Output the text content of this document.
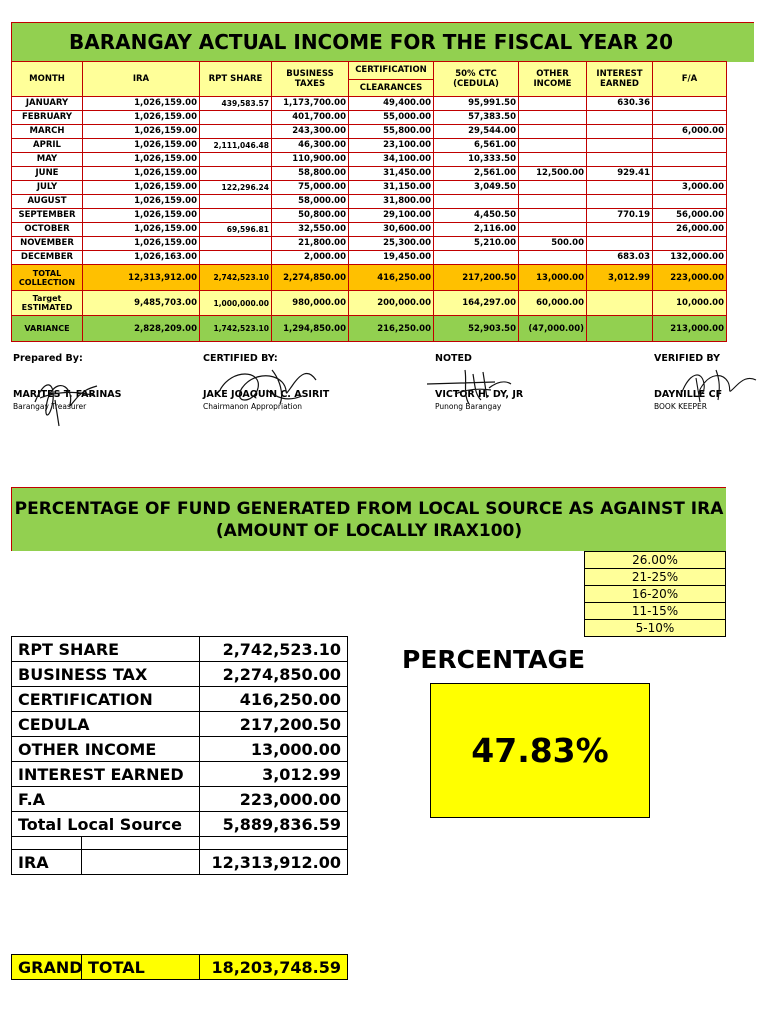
BARANGAY ACTUAL INCOME FOR THE FISCAL YEAR 20
MONTH	IRA	RPT SHARE	BUSINESS TAXES	CERTIFICATION	50% CTC (CEDULA)	OTHER INCOME	INTEREST EARNED	F/A
				CLEARANCES				
JANUARY	1,026,159.00	439,583.57	1,173,700.00	49,400.00	95,991.50		630.36	
FEBRUARY	1,026,159.00		401,700.00	55,000.00	57,383.50			
MARCH	1,026,159.00		243,300.00	55,800.00	29,544.00			6,000.00
APRIL	1,026,159.00	2,111,046.48	46,300.00	23,100.00	6,561.00			
MAY	1,026,159.00		110,900.00	34,100.00	10,333.50			
JUNE	1,026,159.00		58,800.00	31,450.00	2,561.00	12,500.00	929.41	
JULY	1,026,159.00	122,296.24	75,000.00	31,150.00	3,049.50			3,000.00
AUGUST	1,026,159.00		58,000.00	31,800.00				
SEPTEMBER	1,026,159.00		50,800.00	29,100.00	4,450.50		770.19	56,000.00
OCTOBER	1,026,159.00	69,596.81	32,550.00	30,600.00	2,116.00			26,000.00
NOVEMBER	1,026,159.00		21,800.00	25,300.00	5,210.00	500.00		
DECEMBER	1,026,163.00		2,000.00	19,450.00			683.03	132,000.00
TOTAL COLLECTION	12,313,912.00	2,742,523.10	2,274,850.00	416,250.00	217,200.50	13,000.00	3,012.99	223,000.00
Target ESTIMATED	9,485,703.00	1,000,000.00	980,000.00	200,000.00	164,297.00	60,000.00		10,000.00
VARIANCE	2,828,209.00	1,742,523.10	1,294,850.00	216,250.00	52,903.50	(47,000.00)		213,000.00
Prepared By:
MARITES T. FARINAS
Barangay Treasurer
CERTIFIED BY:
JAKE JOAQUIN C. ASIRIT
Chairmanon Appropriation
NOTED
VICTOR H. DY, JR
Punong Barangay
VERIFIED BY
DAYNILLE CF
BOOK KEEPER
PERCENTAGE OF FUND GENERATED FROM LOCAL SOURCE AS AGAINST IRA (AMOUNT OF LOCALLY IRAX100)
26.00%
21-25%
16-20%
11-15%
5-10%
RPT SHARE		2,742,523.10
BUSINESS TAX		2,274,850.00
CERTIFICATION		416,250.00
CEDULA		217,200.50
OTHER INCOME		13,000.00
INTEREST EARNED		3,012.99
F.A		223,000.00
Total Local Source		5,889,836.59

IRA		12,313,912.00
PERCENTAGE
47.83%
GRAND	TOTAL	18,203,748.59
